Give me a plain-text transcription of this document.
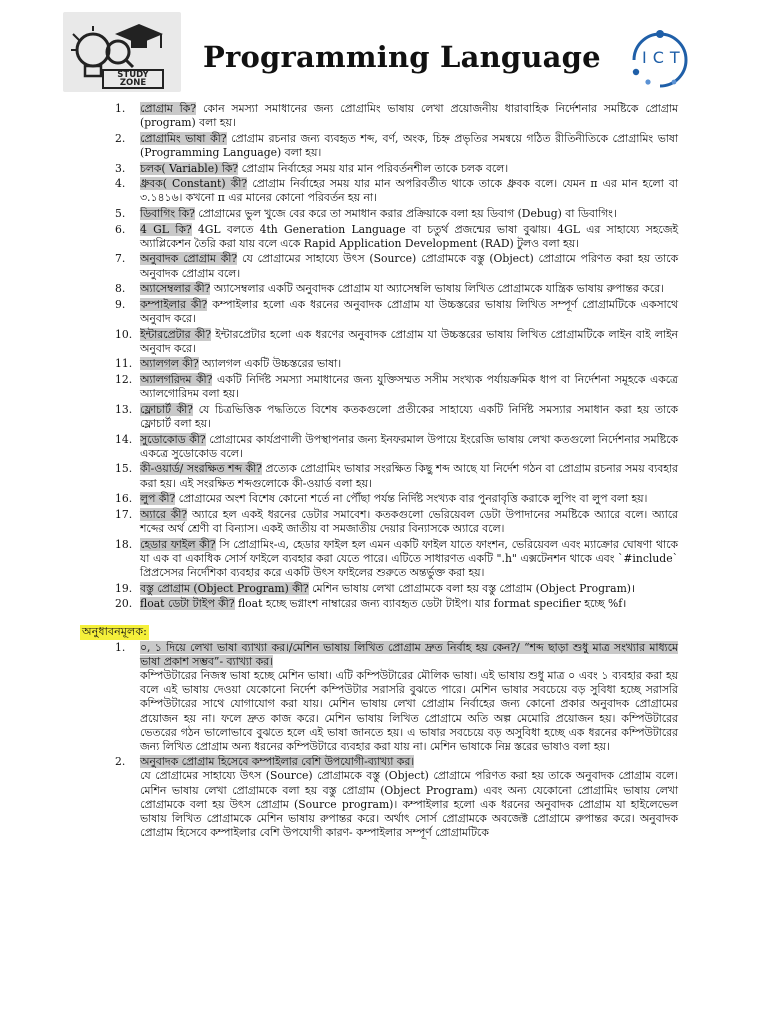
STUDY ZONE
Programming Language	ICT
1. প্রোগ্রাম কি? কোন সমস্যা সমাধানের জন্য প্রোগ্রামিং ভাষায় লেখা প্রয়োজনীয় ধারাবাহিক নির্দেশনার সমষ্টিকে প্রোগ্রাম (program) বলা হয়।
2. প্রোগ্রামিং ভাষা কী? প্রোগ্রাম রচনার জন্য ব্যবহৃত শব্দ, বর্ণ, অংক, চিহ্ন প্রভৃতির সমন্বয়ে গঠিত রীতিনীতিকে প্রোগ্রামিং ভাষা (Programming Language) বলা হয়।
3. চলক( Variable) কি? প্রোগ্রাম নির্বাহের সময় যার মান পরিবর্তনশীল তাকে চলক বলে।
4. ধ্রুবক( Constant) কী? প্রোগ্রাম নির্বাহের সময় যার মান অপরিবর্তীত থাকে তাকে ধ্রুবক বলে। যেমন π এর মান হলো বা ৩.১৪১৬। কখনো π এর মানের কোনো পরিবর্তন হয় না।
5. ডিবাগিং কি? প্রোগ্রামের ভুল খুজে বের করে তা সমাধান করার প্রক্রিয়াকে বলা হয় ডিবাগ (Debug) বা ডিবাগিং।
6. 4 GL কি? 4GL বলতে 4th Generation Language বা চতুর্থ প্রজন্মের ভাষা বুঝায়। 4GL এর সাহায্যে সহজেই অ্যাপ্লিকেশন তৈরি করা যায় বলে একে Rapid Application Development (RAD) টুলও বলা হয়।
7. অনুবাদক প্রোগ্রাম কী? যে প্রোগ্রামের সাহায্যে উৎস (Source) প্রোগ্রামকে বস্তু (Object) প্রোগ্রামে পরিণত করা হয় তাকে অনুবাদক প্রোগ্রাম বলে।
8. অ্যাসেম্বলার কী? অ্যাসেম্বলার একটি অনুবাদক প্রোগ্রাম যা অ্যাসেম্বলি ভাষায় লিখিত প্রোগ্রামকে যান্ত্রিক ভাষায় রুপান্তর করে।
9. কম্পাইলার কী? কম্পাইলার হলো এক ধরনের অনুবাদক প্রোগ্রাম যা উচ্চস্তরের ভাষায় লিখিত সম্পূর্ণ প্রোগ্রামটিকে একসাথে অনুবাদ করে।
10. ইন্টারপ্রেটার কী? ইন্টারপ্রেটার হলো এক ধরণের অনুবাদক প্রোগ্রাম যা উচ্চস্তরের ভাষায় লিখিত প্রোগ্রামটিকে লাইন বাই লাইন অনুবাদ করে।
11. অ্যালগল কী? অ্যালগল একটি উচ্চস্তরের ভাষা।
12. অ্যালগরিদম কী? একটি নির্দিষ্ট সমস্যা সমাধানের জন্য যুক্তিসম্মত সসীম সংখ্যক পর্যায়ক্রমিক ধাপ বা নির্দেশনা সমূহকে একত্রে অ্যালগোরিদম বলা হয়।
13. ফ্লোচার্ট কী? যে চিত্রভিত্তিক পদ্ধতিতে বিশেষ কতকগুলো প্রতীকের সাহায্যে একটি নির্দিষ্ট সমস্যার সমাধান করা হয় তাকে ফ্লোচার্ট বলা হয়।
14. সুডোকোড কী? প্রোগ্রামের কার্যপ্রণালী উপস্থাপনার জন্য ইনফরমাল উপায়ে ইংরেজি ভাষায় লেখা কতগুলো নির্দেশনার সমষ্টিকে একত্রে সুডোকোড বলে।
15. কী-ওয়ার্ড/ সংরক্ষিত শব্দ কী? প্রত্যেক প্রোগ্রামিং ভাষার সংরক্ষিত কিছু শব্দ আছে যা নির্দেশ গঠন বা প্রোগ্রাম রচনার সময় ব্যবহার করা হয়। এই সংরক্ষিত শব্দগুলোকে কী-ওয়ার্ড বলা হয়।
16. লুপ কী? প্রোগ্রামের অংশ বিশেষ কোনো শর্তে না পৌঁছা পর্যন্ত নির্দিষ্ট সংখ্যক বার পুনরাবৃত্তি করাকে লুপিং বা লুপ বলা হয়।
17. অ্যারে কী? অ্যারে হল একই ধরনের ডেটার সমাবেশ। কতকগুলো ভেরিয়েবল ডেটা উপাদানের সমষ্টিকে অ্যারে বলে। অ্যারে শব্দের অর্থ শ্রেণী বা বিন্যাস। একই জাতীয় বা সমজাতীয় দেয়ার বিন্যাসকে অ্যারে বলে।
18. হেডার ফাইল কী? সি প্রোগ্রামিং-এ, হেডার ফাইল হল এমন একটি ফাইল যাতে ফাংশন, ভেরিয়েবল এবং ম্যাক্রোর ঘোষণা থাকে যা এক বা একাধিক সোর্স ফাইলে ব্যবহার করা যেতে পারে। এটিতে সাধারণত একটি ".h" এক্সটেনশন থাকে এবং `#include` প্রিপ্রসেসর নির্দেশিকা ব্যবহার করে একটি উৎস ফাইলের শুরুতে অন্তর্ভুক্ত করা হয়।
19. বস্তু প্রোগ্রাম (Object Program) কী? মেশিন ভাষায় লেখা প্রোগ্রামকে বলা হয় বস্তু প্রোগ্রাম (Object Program)।
20. float ডেটা টাইপ কী? float হচ্ছে ভগ্নাংশ নাম্বারের জন্য ব্যাবহৃত ডেটা টাইপ। যার format specifier হচ্ছে %f।
অনুধাবনমূলক:
1. ০, ১ দিয়ে লেখা ভাষা ব্যাখ্যা কর।/মেশিন ভাষায় লিখিত প্রোগ্রাম দ্রুত নির্বাহ হয় কেন?/ “শব্দ ছাড়া শুধু মাত্র সংখ্যার মাধ্যমে ভাষা প্রকাশ সম্ভব”- ব্যাখ্যা কর।
কম্পিউটারের নিজস্ব ভাষা হচ্ছে মেশিন ভাষা। এটি কম্পিউটারের মৌলিক ভাষা। এই ভাষায় শুধু মাত্র ০ এবং ১ ব্যবহার করা হয় বলে এই ভাষায় দেওয়া যেকোনো নির্দেশ কম্পিউটার সরাসরি বুঝতে পারে। মেশিন ভাষার সবচেয়ে বড় সুবিধা হচ্ছে সরাসরি কম্পিউটারের সাথে যোগাযোগ করা যায়। মেশিন ভাষায় লেখা প্রোগ্রাম নির্বাহের জন্য কোনো প্রকার অনুবাদক প্রোগ্রামের প্রয়োজন হয় না। ফলে দ্রুত কাজ করে। মেশিন ভাষায় লিখিত প্রোগ্রামে অতি অল্প মেমোরি প্রয়োজন হয়। কম্পিউটারের ভেতরের গঠন ভালোভাবে বুঝতে হলে এই ভাষা জানতে হয়। এ ভাষার সবচেয়ে বড় অসুবিধা হচ্ছে এক ধরনের কম্পিউটারের জন্য লিখিত প্রোগ্রাম অন্য ধরনের কম্পিউটারে ব্যবহার করা যায় না। মেশিন ভাষাকে নিম্ন স্তরের ভাষাও বলা হয়।
2. অনুবাদক প্রোগ্রাম হিসেবে কম্পাইলার বেশি উপযোগী-ব্যাখ্যা কর।
যে প্রোগ্রামের সাহায্যে উৎস (Source) প্রোগ্রামকে বস্তু (Object) প্রোগ্রামে পরিণত করা হয় তাকে অনুবাদক প্রোগ্রাম বলে। মেশিন ভাষায় লেখা প্রোগ্রামকে বলা হয় বস্তু প্রোগ্রাম (Object Program) এবং অন্য যেকোনো প্রোগ্রামিং ভাষায় লেখা প্রোগ্রামকে বলা হয় উৎস প্রোগ্রাম (Source program)। কম্পাইলার হলো এক ধরনের অনুবাদক প্রোগ্রাম যা হাইলেভেল ভাষায় লিখিত প্রোগ্রামকে মেশিন ভাষায় রুপান্তর করে। অর্থাৎ সোর্স প্রোগ্রামকে অবজেক্ট প্রোগ্রামে রুপান্তর করে। অনুবাদক প্রোগ্রাম হিসেবে কম্পাইলার বেশি উপযোগী কারণ- কম্পাইলার সম্পূর্ণ প্রোগ্রামটিকে
